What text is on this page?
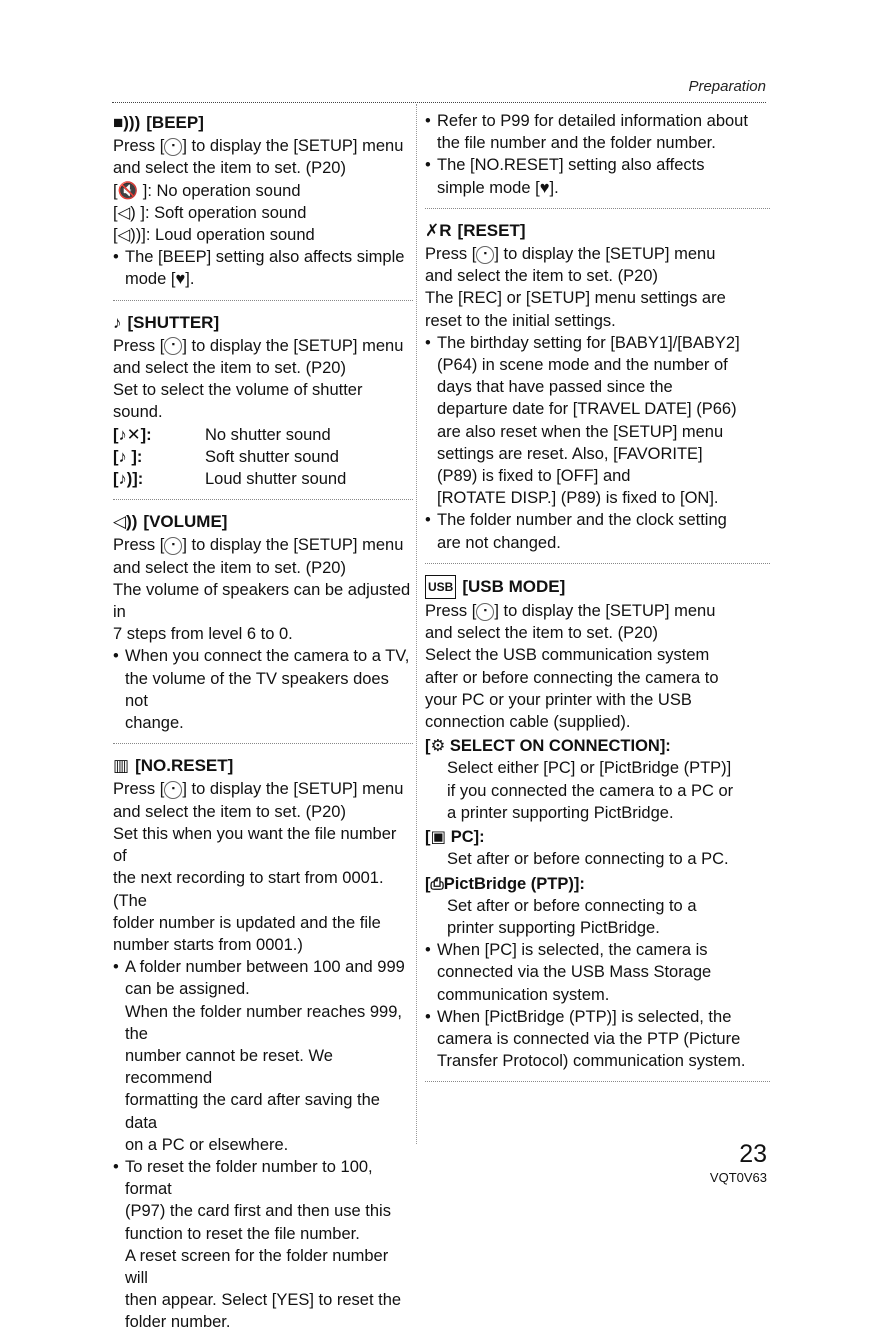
Preparation
■))) [BEEP]

Press [ ▪ ] to display the [SETUP] menu

and select the item to set. (P20)

[🔇 ]: No operation sound

[◁) ]: Soft operation sound

[◁))]: Loud operation sound

• The [BEEP] setting also affects simple
mode [♥].

♪ [SHUTTER]

Press [ ▪ ] to display the [SETUP] menu

and select the item to set. (P20)

Set to select the volume of shutter sound.

[♪✕]:	No shutter sound

[♪ ]:	Soft shutter sound

[♪)]:	Loud shutter sound

◁)) [VOLUME]

Press [ ▪ ] to display the [SETUP] menu

and select the item to set. (P20)

The volume of speakers can be adjusted in

7 steps from level 6 to 0.

• When you connect the camera to a TV,
the volume of the TV speakers does not
change.

▥ [NO.RESET]

Press [ ▪ ] to display the [SETUP] menu

and select the item to set. (P20)

Set this when you want the file number of
the next recording to start from 0001. (The
folder number is updated and the file
number starts from 0001.)

• A folder number between 100 and 999
can be assigned.
When the folder number reaches 999, the
number cannot be reset. We recommend
formatting the card after saving the data
on a PC or elsewhere.

• To reset the folder number to 100, format
(P97) the card first and then use this
function to reset the file number.
A reset screen for the folder number will
then appear. Select [YES] to reset the
folder number.

• Refer to P99 for detailed information about
the file number and the folder number.

• The [NO.RESET] setting also affects
simple mode [♥].

✗R [RESET]

Press [ ▪ ] to display the [SETUP] menu

and select the item to set. (P20)

The [REC] or [SETUP] menu settings are
reset to the initial settings.

• The birthday setting for [BABY1]/[BABY2]
(P64) in scene mode and the number of
days that have passed since the
departure date for [TRAVEL DATE] (P66)
are also reset when the [SETUP] menu
settings are reset. Also, [FAVORITE]
(P89) is fixed to [OFF] and
[ROTATE DISP.] (P89) is fixed to [ON].

• The folder number and the clock setting
are not changed.

USB [USB MODE]

Press [ ▪ ] to display the [SETUP] menu

and select the item to set. (P20)

Select the USB communication system
after or before connecting the camera to
your PC or your printer with the USB
connection cable (supplied).

[⚙ SELECT ON CONNECTION]:

Select either [PC] or [PictBridge (PTP)]
if you connected the camera to a PC or
a printer supporting PictBridge.

[▣ PC]:

Set after or before connecting to a PC.

[⎙PictBridge (PTP)]:

Set after or before connecting to a
printer supporting PictBridge.

• When [PC] is selected, the camera is
connected via the USB Mass Storage
communication system.

• When [PictBridge (PTP)] is selected, the
camera is connected via the PTP (Picture
Transfer Protocol) communication system.

23
VQT0V63
